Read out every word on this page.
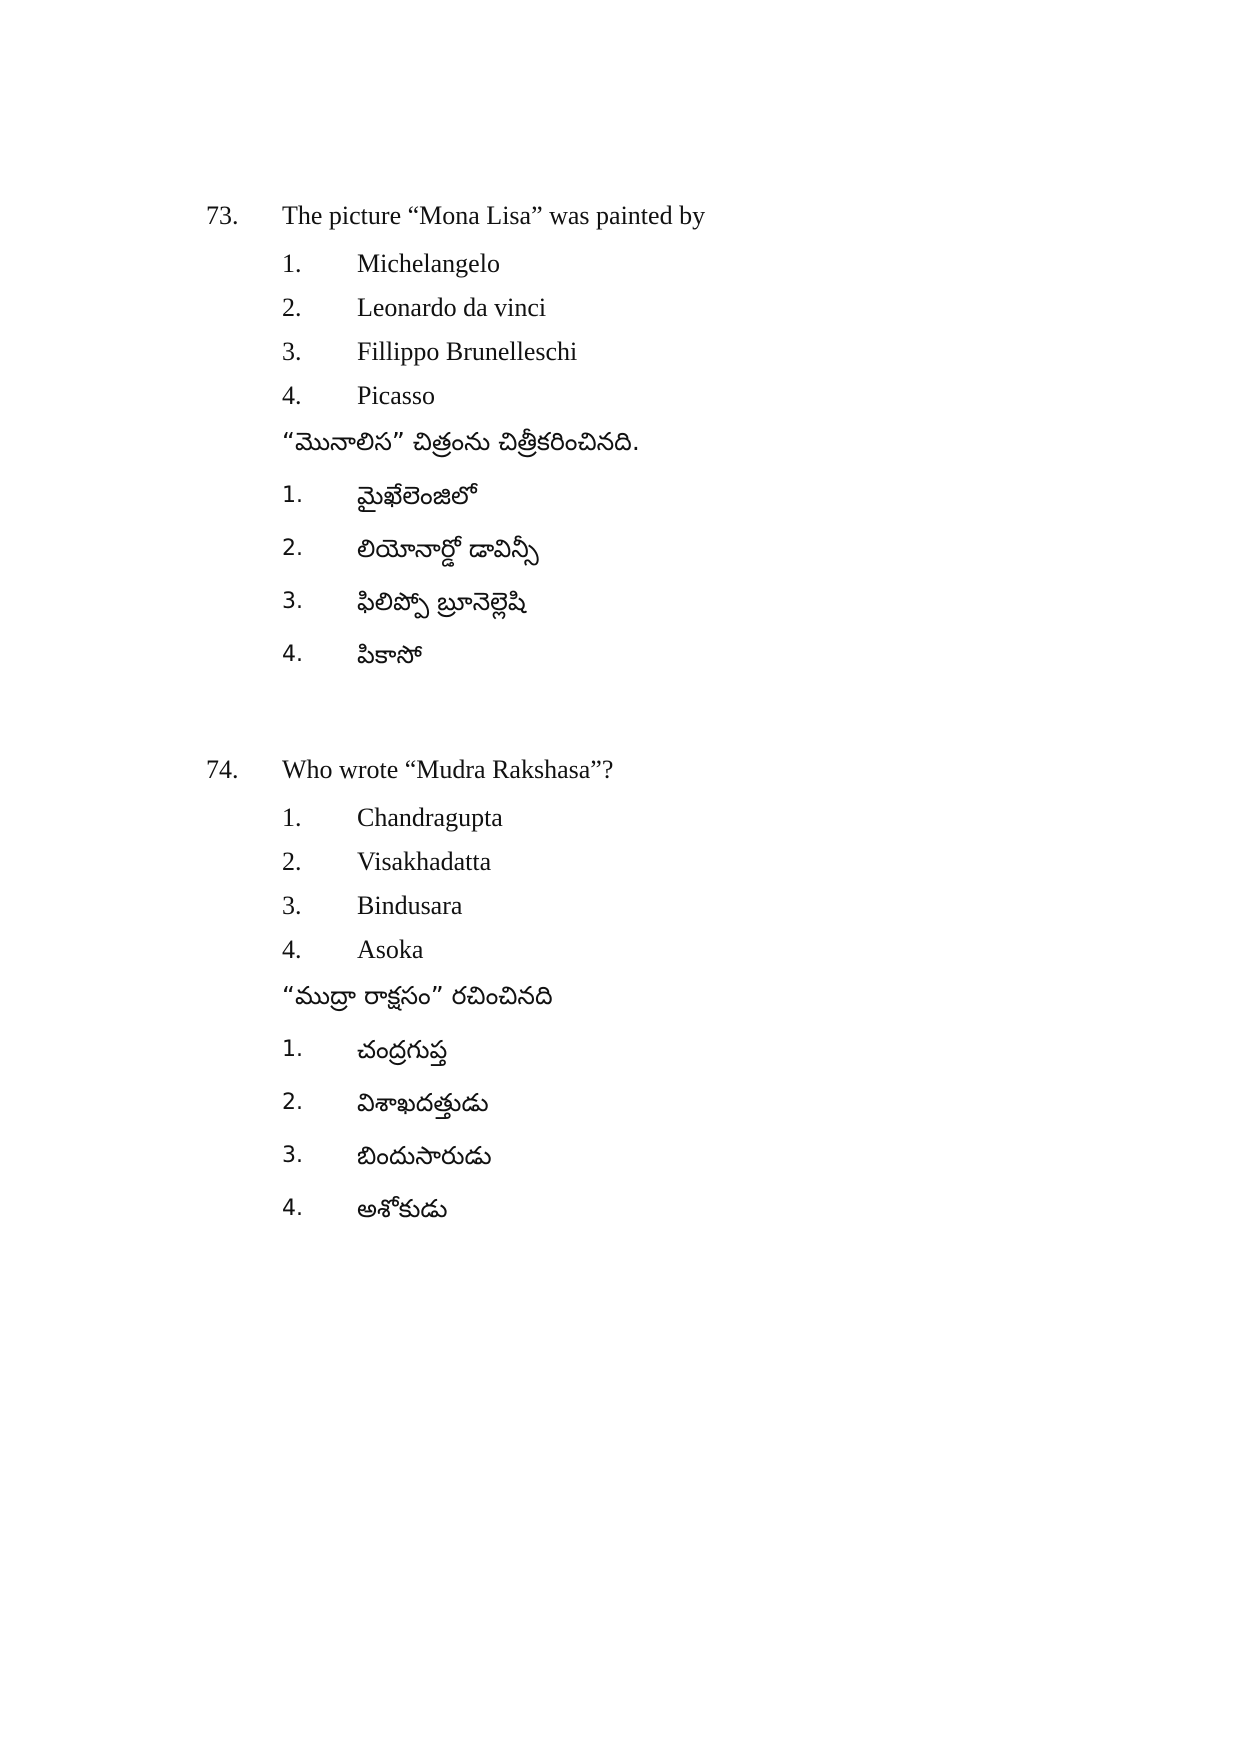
73. The picture “Mona Lisa” was painted by
1. Michelangelo
2. Leonardo da vinci
3. Fillippo Brunelleschi
4. Picasso
“మొనాలిస” చిత్రంను చిత్రీకరించినది.
1. మైఖేలెంజిలో
2. లియోనార్డో డావిన్సీ
3. ఫిలిప్పో బ్రూనెల్లెషి
4. పికాసో
74. Who wrote “Mudra Rakshasa”?
1. Chandragupta
2. Visakhadatta
3. Bindusara
4. Asoka
“ముద్రా రాక్షసం” రచించినది
1. చంద్రగుప్త
2. విశాఖదత్తుడు
3. బిందుసారుడు
4. అశోకుడు
